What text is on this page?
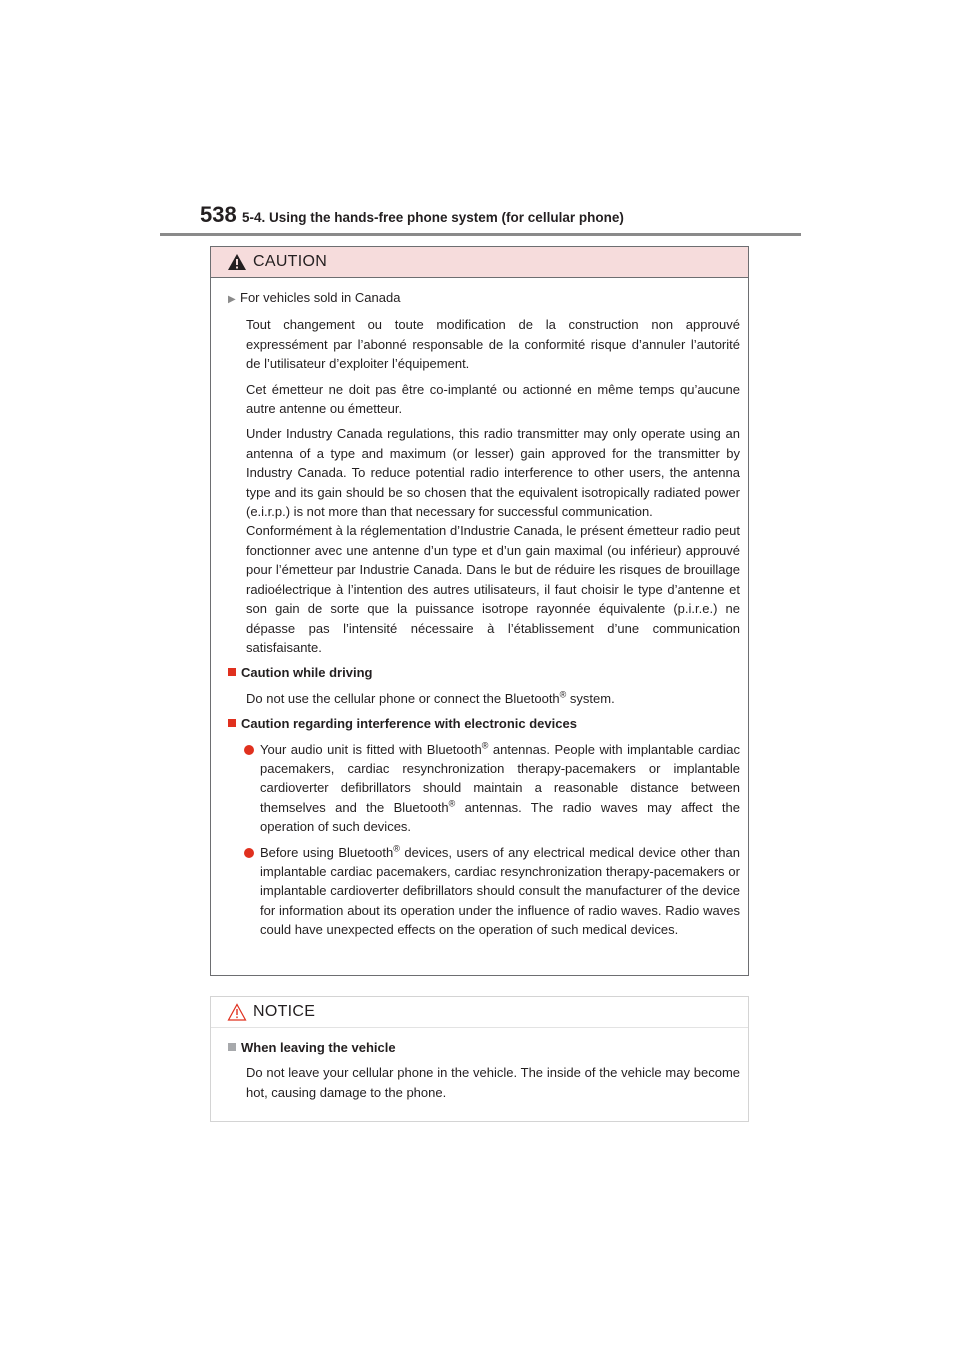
538 5-4. Using the hands-free phone system (for cellular phone)
CAUTION
▶ For vehicles sold in Canada

Tout changement ou toute modification de la construction non approuvé expressément par l’abonné responsable de la conformité risque d’annuler l’autorité de l’utilisateur d’exploiter l’équipement.

Cet émetteur ne doit pas être co-implanté ou actionné en même temps qu’aucune autre antenne ou émetteur.

Under Industry Canada regulations, this radio transmitter may only operate using an antenna of a type and maximum (or lesser) gain approved for the transmitter by Industry Canada. To reduce potential radio interference to other users, the antenna type and its gain should be so chosen that the equivalent isotropically radiated power (e.i.r.p.) is not more than that necessary for successful communication.

Conformément à la réglementation d’Industrie Canada, le présent émetteur radio peut fonctionner avec une antenne d’un type et d’un gain maximal (ou inférieur) approuvé pour l’émetteur par Industrie Canada. Dans le but de réduire les risques de brouillage radioélectrique à l’intention des autres utilisateurs, il faut choisir le type d’antenne et son gain de sorte que la puissance isotrope rayonnée équivalente (p.i.r.e.) ne dépasse pas l’intensité nécessaire à l’établissement d’une communication satisfaisante.

Caution while driving

Do not use the cellular phone or connect the Bluetooth® system.

Caution regarding interference with electronic devices

Your audio unit is fitted with Bluetooth® antennas. People with implantable cardiac pacemakers, cardiac resynchronization therapy-pacemakers or implantable cardioverter defibrillators should maintain a reasonable distance between themselves and the Bluetooth® antennas. The radio waves may affect the operation of such devices.

Before using Bluetooth® devices, users of any electrical medical device other than implantable cardiac pacemakers, cardiac resynchronization therapy-pacemakers or implantable cardioverter defibrillators should consult the manufacturer of the device for information about its operation under the influence of radio waves. Radio waves could have unexpected effects on the operation of such medical devices.

NOTICE
When leaving the vehicle

Do not leave your cellular phone in the vehicle. The inside of the vehicle may become hot, causing damage to the phone.
